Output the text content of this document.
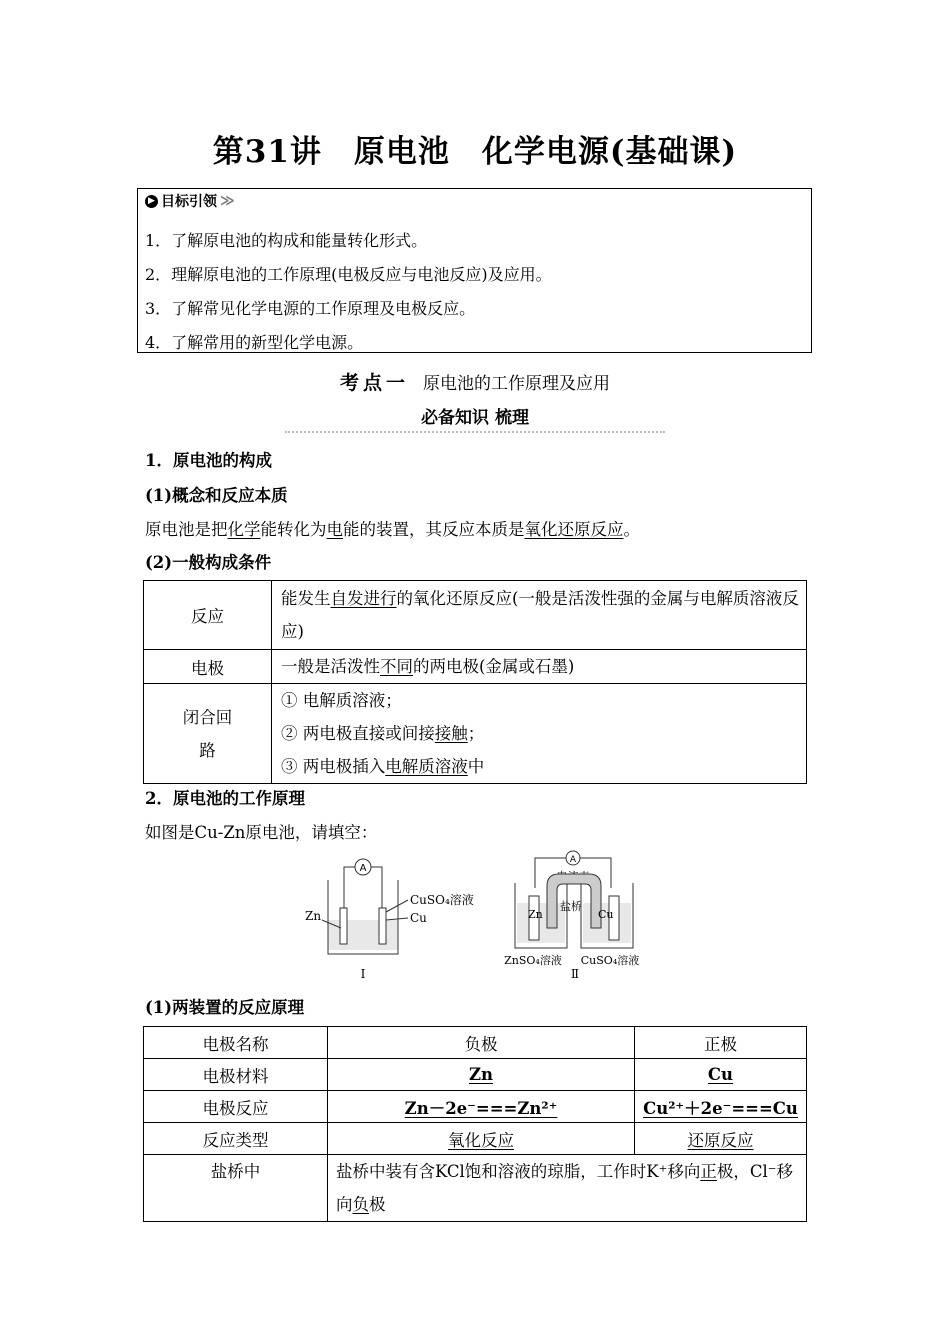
第31讲　原电池　化学电源(基础课)
▶ 目标引领 ≫
1．了解原电池的构成和能量转化形式。
2．理解原电池的工作原理(电极反应与电池反应)及应用。
3．了解常见化学电源的工作原理及电极反应。
4．了解常用的新型化学电源。
考点一 原电池的工作原理及应用
必备知识 梳理
1．原电池的构成
(1)概念和反应本质
原电池是把化学能转化为电能的装置，其反应本质是氧化还原反应。
(2)一般构成条件
反应	能发生自发进行的氧化还原反应(一般是活泼性强的金属与电解质溶液反应)
电极	一般是活泼性不同的两电极(金属或石墨)

闭合回路	① 电解质溶液；
② 两电极直接或间接接触；
③ 两电极插入电解质溶液中
2．原电池的工作原理
如图是Cu-Zn原电池，请填空：
A
Zn	Cu
CuSO₄溶液
Ⅰ
A
Zn	Cu
盐桥
ZnSO₄溶液 CuSO₄溶液
Ⅱ
(1)两装置的反应原理
电极名称	负极	正极
电极材料	Zn	Cu
电极反应	Zn－2e⁻===Zn²⁺	Cu²⁺＋2e⁻===Cu
反应类型	氧化反应	还原反应
盐桥中	盐桥中装有含KCl饱和溶液的琼脂，工作时K⁺移向正极，Cl⁻移向负极	
